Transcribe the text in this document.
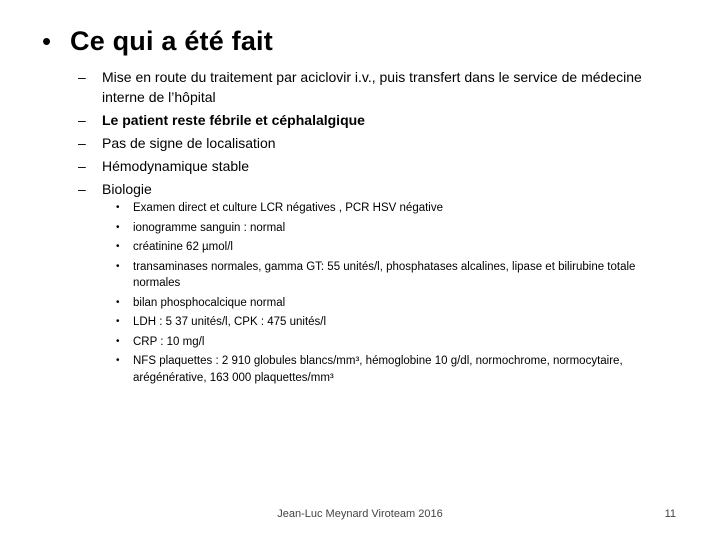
• Ce qui a été fait
–	Mise en route du traitement par aciclovir i.v., puis transfert dans le service de médecine interne de l’hôpital
–	Le patient reste fébrile et céphalalgique
–	Pas de signe de localisation
–	Hémodynamique stable
–	Biologie
•	Examen direct et culture LCR négatives , PCR HSV négative
•	ionogramme sanguin : normal
•	créatinine 62 µmol/l
•	transaminases normales, gamma GT: 55 unités/l, phosphatases alcalines, lipase et bilirubine totale normales
•	bilan phosphocalcique normal
•	LDH : 5 37 unités/l, CPK : 475 unités/l
•	CRP : 10 mg/l
•	NFS plaquettes : 2 910 globules blancs/mm³, hémoglobine 10 g/dl, normochrome, normocytaire, arégénérative, 163 000 plaquettes/mm³
Jean-Luc Meynard Viroteam 2016	11
